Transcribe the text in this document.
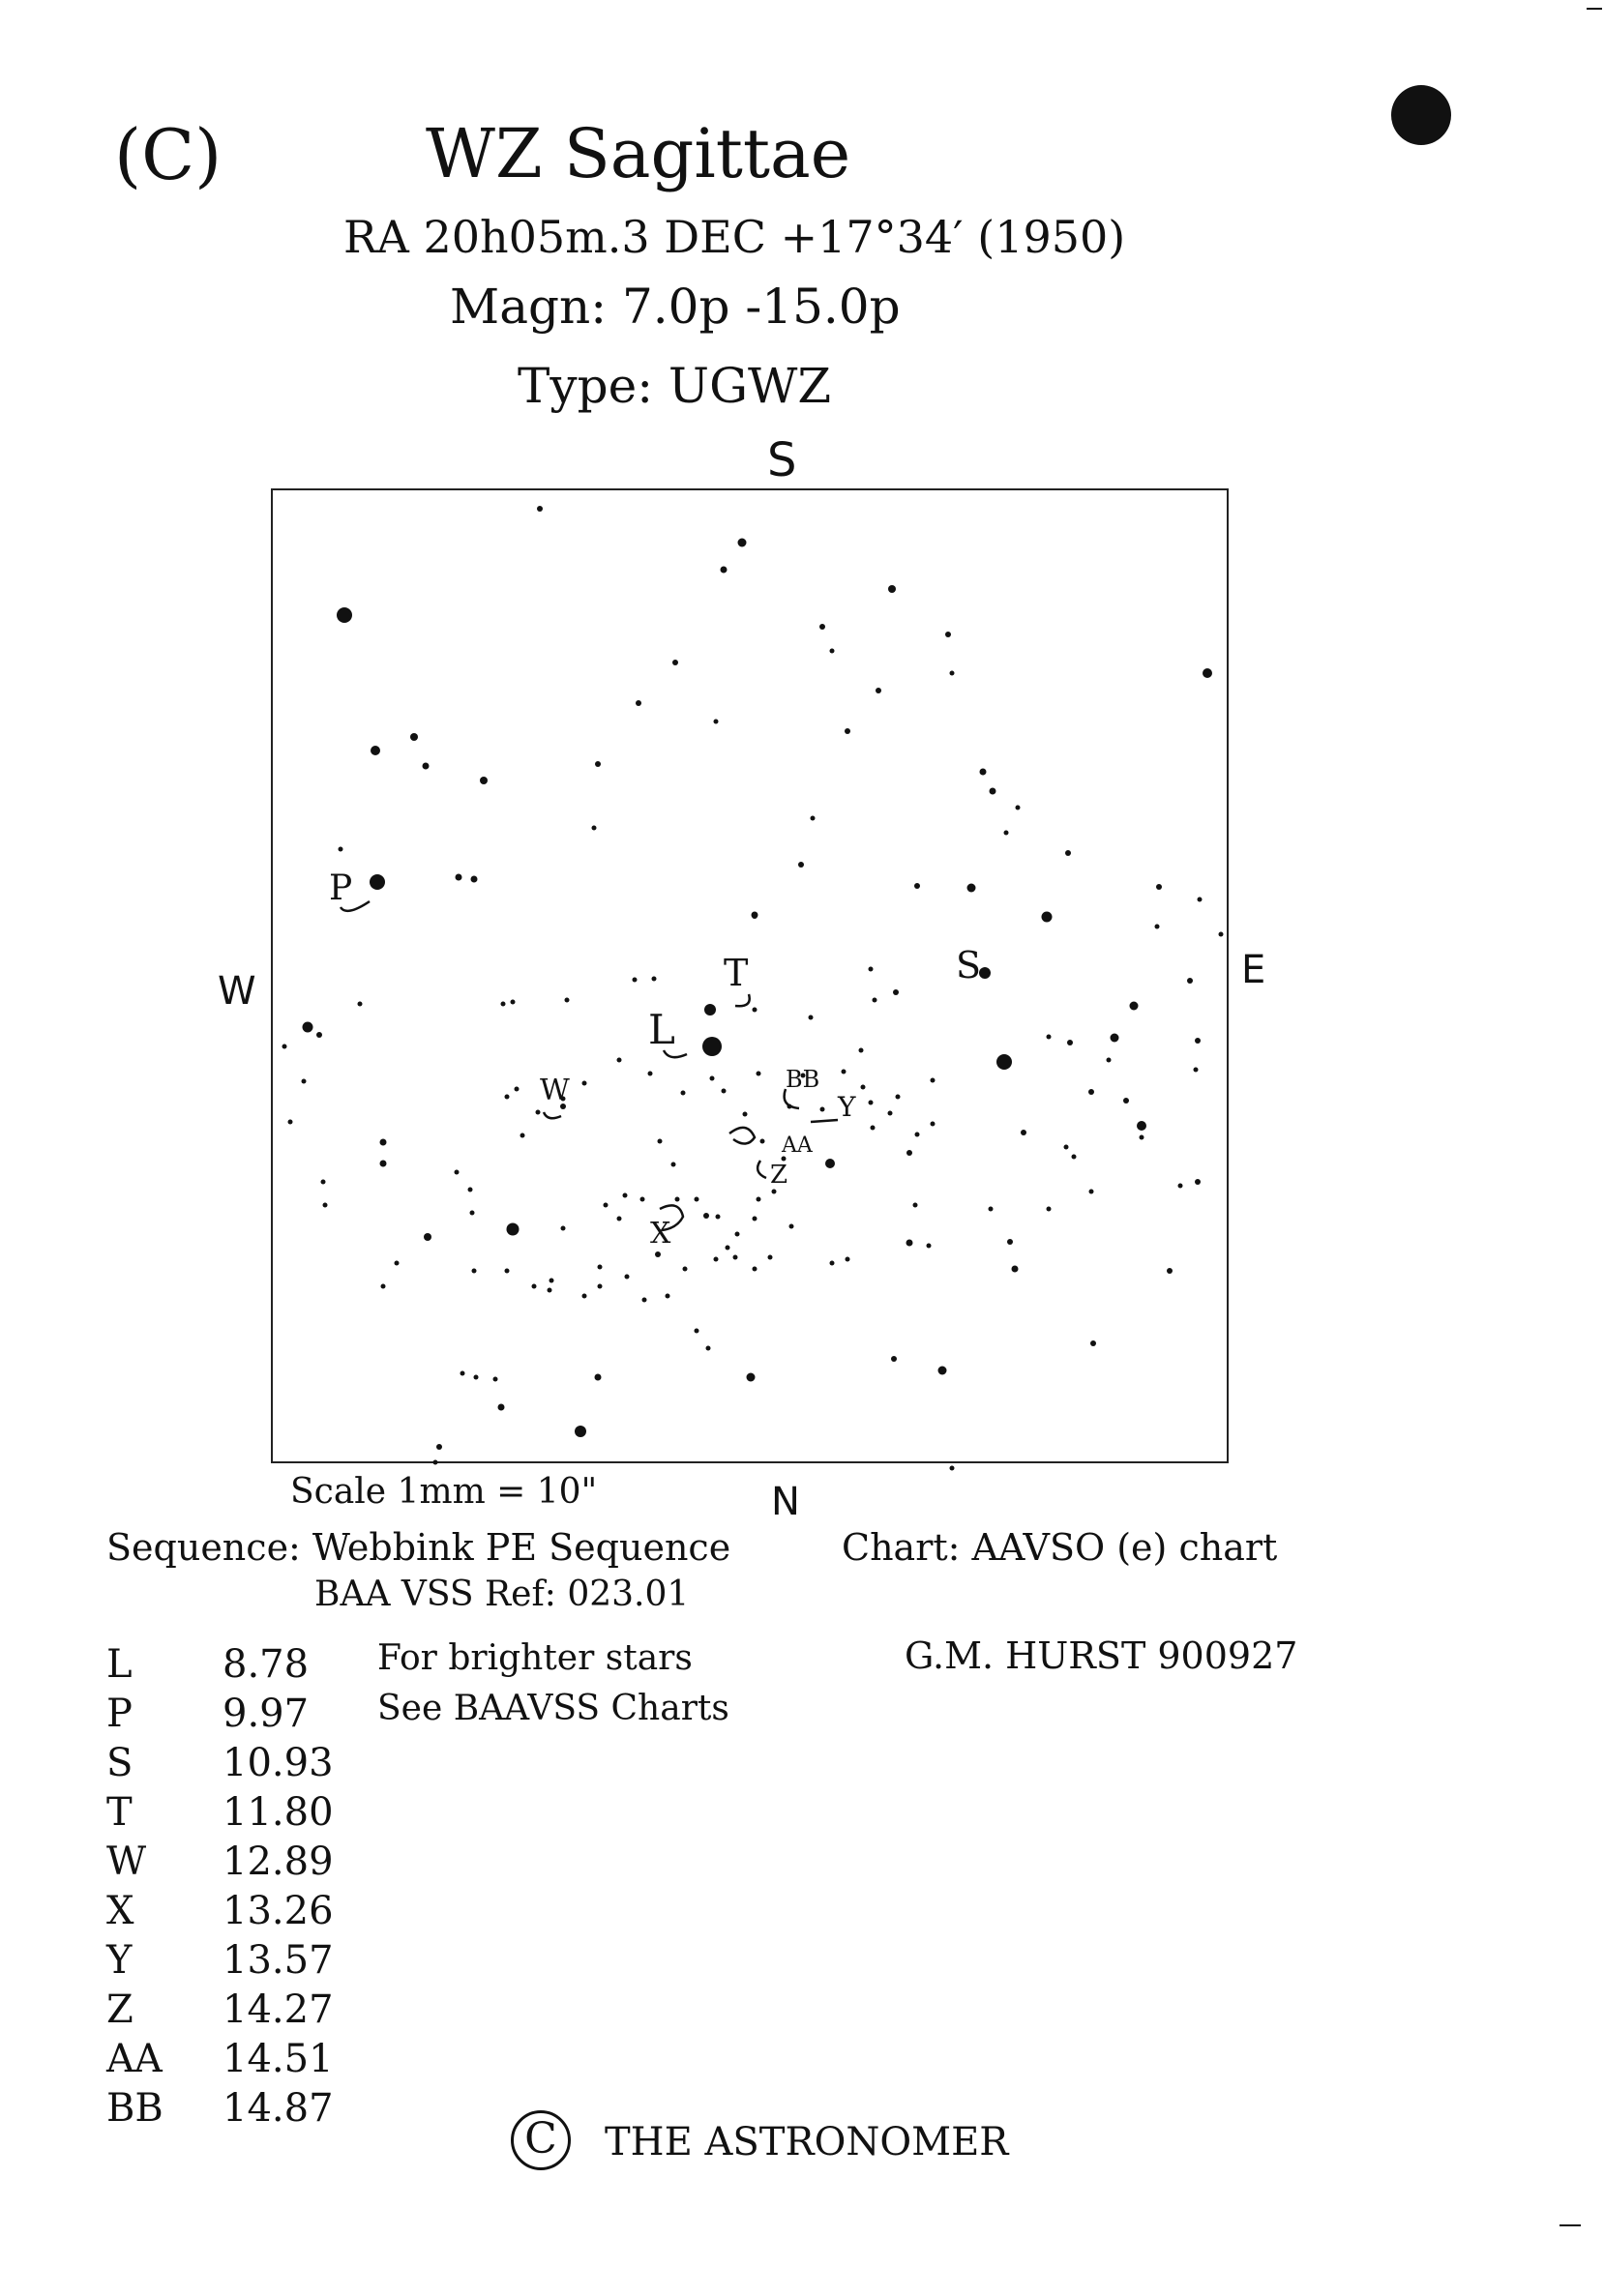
(C)	WZ Sagittae
RA 20h05m.3 DEC +17°34′ (1950)
Magn: 7.0p -15.0p
Type: UGWZ
S
N
W	E
P
T
L
S
W	BB
Y
AA
Z
X
Scale 1mm = 10"
Sequence: Webbink PE Sequence
BAA VSS Ref: 023.01
Chart: AAVSO (e) chart
For brighter stars
See BAAVSS Charts
G.M. HURST 900927
L	8.78
P	9.97
S	10.93
T	11.80
W	12.89
X	13.26
Y	13.57
Z	14.27
AA	14.51
BB	14.87
C	THE ASTRONOMER
